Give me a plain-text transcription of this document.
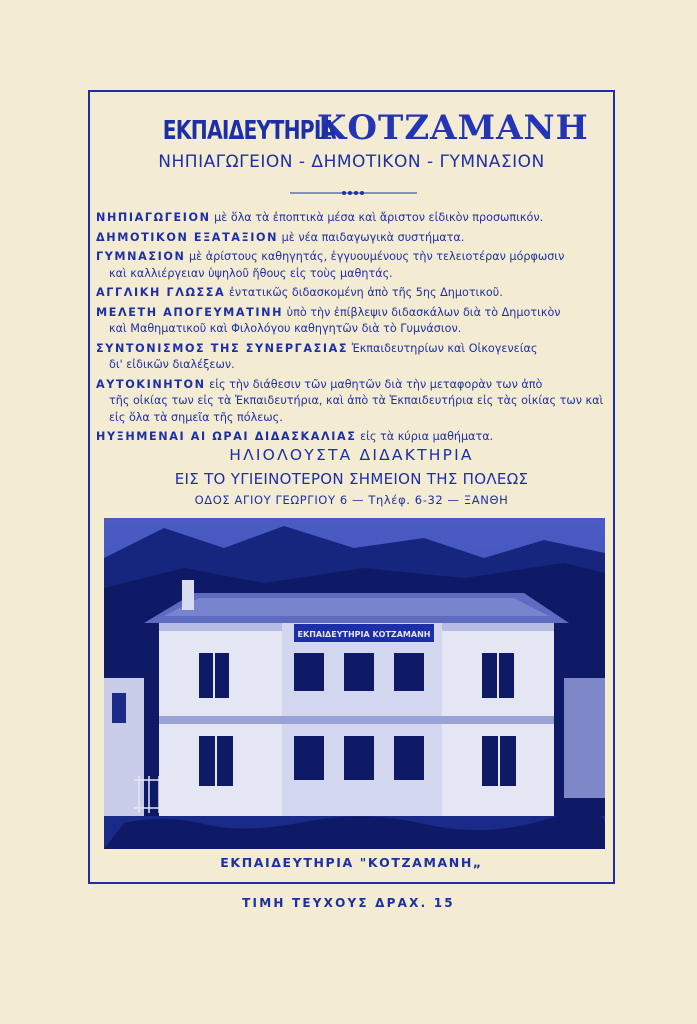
ΕΚΠΑΙΔΕΥΤΗΡΙΑ ΚΟΤΖΑΜΑΝΗ
ΝΗΠΙΑΓΩΓΕΙΟΝ - ΔΗΜΟΤΙΚΟΝ - ΓΥΜΝΑΣΙΟΝ
ΝΗΠΙΑΓΩΓΕΙΟΝ μὲ ὅλα τὰ ἐποπτικὰ μέσα καὶ ἄριστον εἰδικὸν προσωπικόν.
ΔΗΜΟΤΙΚΟΝ ΕΞΑΤΑΞΙΟΝ μὲ νέα παιδαγωγικὰ συστήματα.
ΓΥΜΝΑΣΙΟΝ μὲ ἀρίστους καθηγητάς, ἐγγυουμένους τὴν τελειοτέραν μόρφωσιν
καὶ καλλιέργειαν ὑψηλοῦ ἤθους εἰς τοὺς μαθητάς.
ΑΓΓΛΙΚΗ ΓΛΩΣΣΑ ἐντατικῶς διδασκομένη ἀπὸ τῆς 5ης Δημοτικοῦ.
ΜΕΛΕΤΗ ΑΠΟΓΕΥΜΑΤΙΝΗ ὑπὸ τὴν ἐπίβλεψιν διδασκάλων διὰ τὸ Δημοτικὸν
καὶ Μαθηματικοῦ καὶ Φιλολόγου καθηγητῶν διὰ τὸ Γυμνάσιον.
ΣΥΝΤΟΝΙΣΜΟΣ ΤΗΣ ΣΥΝΕΡΓΑΣΙΑΣ Ἐκπαιδευτηρίων καὶ Οἰκογενείας
δι' εἰδικῶν διαλέξεων.
ΑΥΤΟΚΙΝΗΤΟΝ εἰς τὴν διάθεσιν τῶν μαθητῶν διὰ τὴν μεταφορὰν των ἀπὸ
τῆς οἰκίας των εἰς τὰ Ἐκπαιδευτήρια, καὶ ἀπὸ τὰ Ἐκπαιδευτήρια εἰς τὰς οἰκίας των καὶ εἰς ὅλα τὰ σημεῖα τῆς πόλεως.
ΗΥΞΗΜΕΝΑΙ ΑΙ ΩΡΑΙ ΔΙΔΑΣΚΑΛΙΑΣ εἰς τὰ κύρια μαθήματα.
ΗΛΙΟΛΟΥΣΤΑ ΔΙΔΑΚΤΗΡΙΑ
ΕΙΣ ΤΟ ΥΓΙΕΙΝΟΤΕΡΟΝ ΣΗΜΕΙΟΝ ΤΗΣ ΠΟΛΕΩΣ
ΟΔΟΣ ΑΓΙΟΥ ΓΕΩΡΓΙΟΥ 6 — Τηλέφ. 6-32 — ΞΑΝΘΗ
ΕΚΠΑΙΔΕΥΤΗΡΙΑ ΚΟΤΖΑΜΑΝΗ
ΕΚΠΑΙΔΕΥΤΗΡΙΑ "ΚΟΤΖΑΜΑΝΗ„
ΤΙΜΗ ΤΕΥΧΟΥΣ ΔΡΑΧ. 15
